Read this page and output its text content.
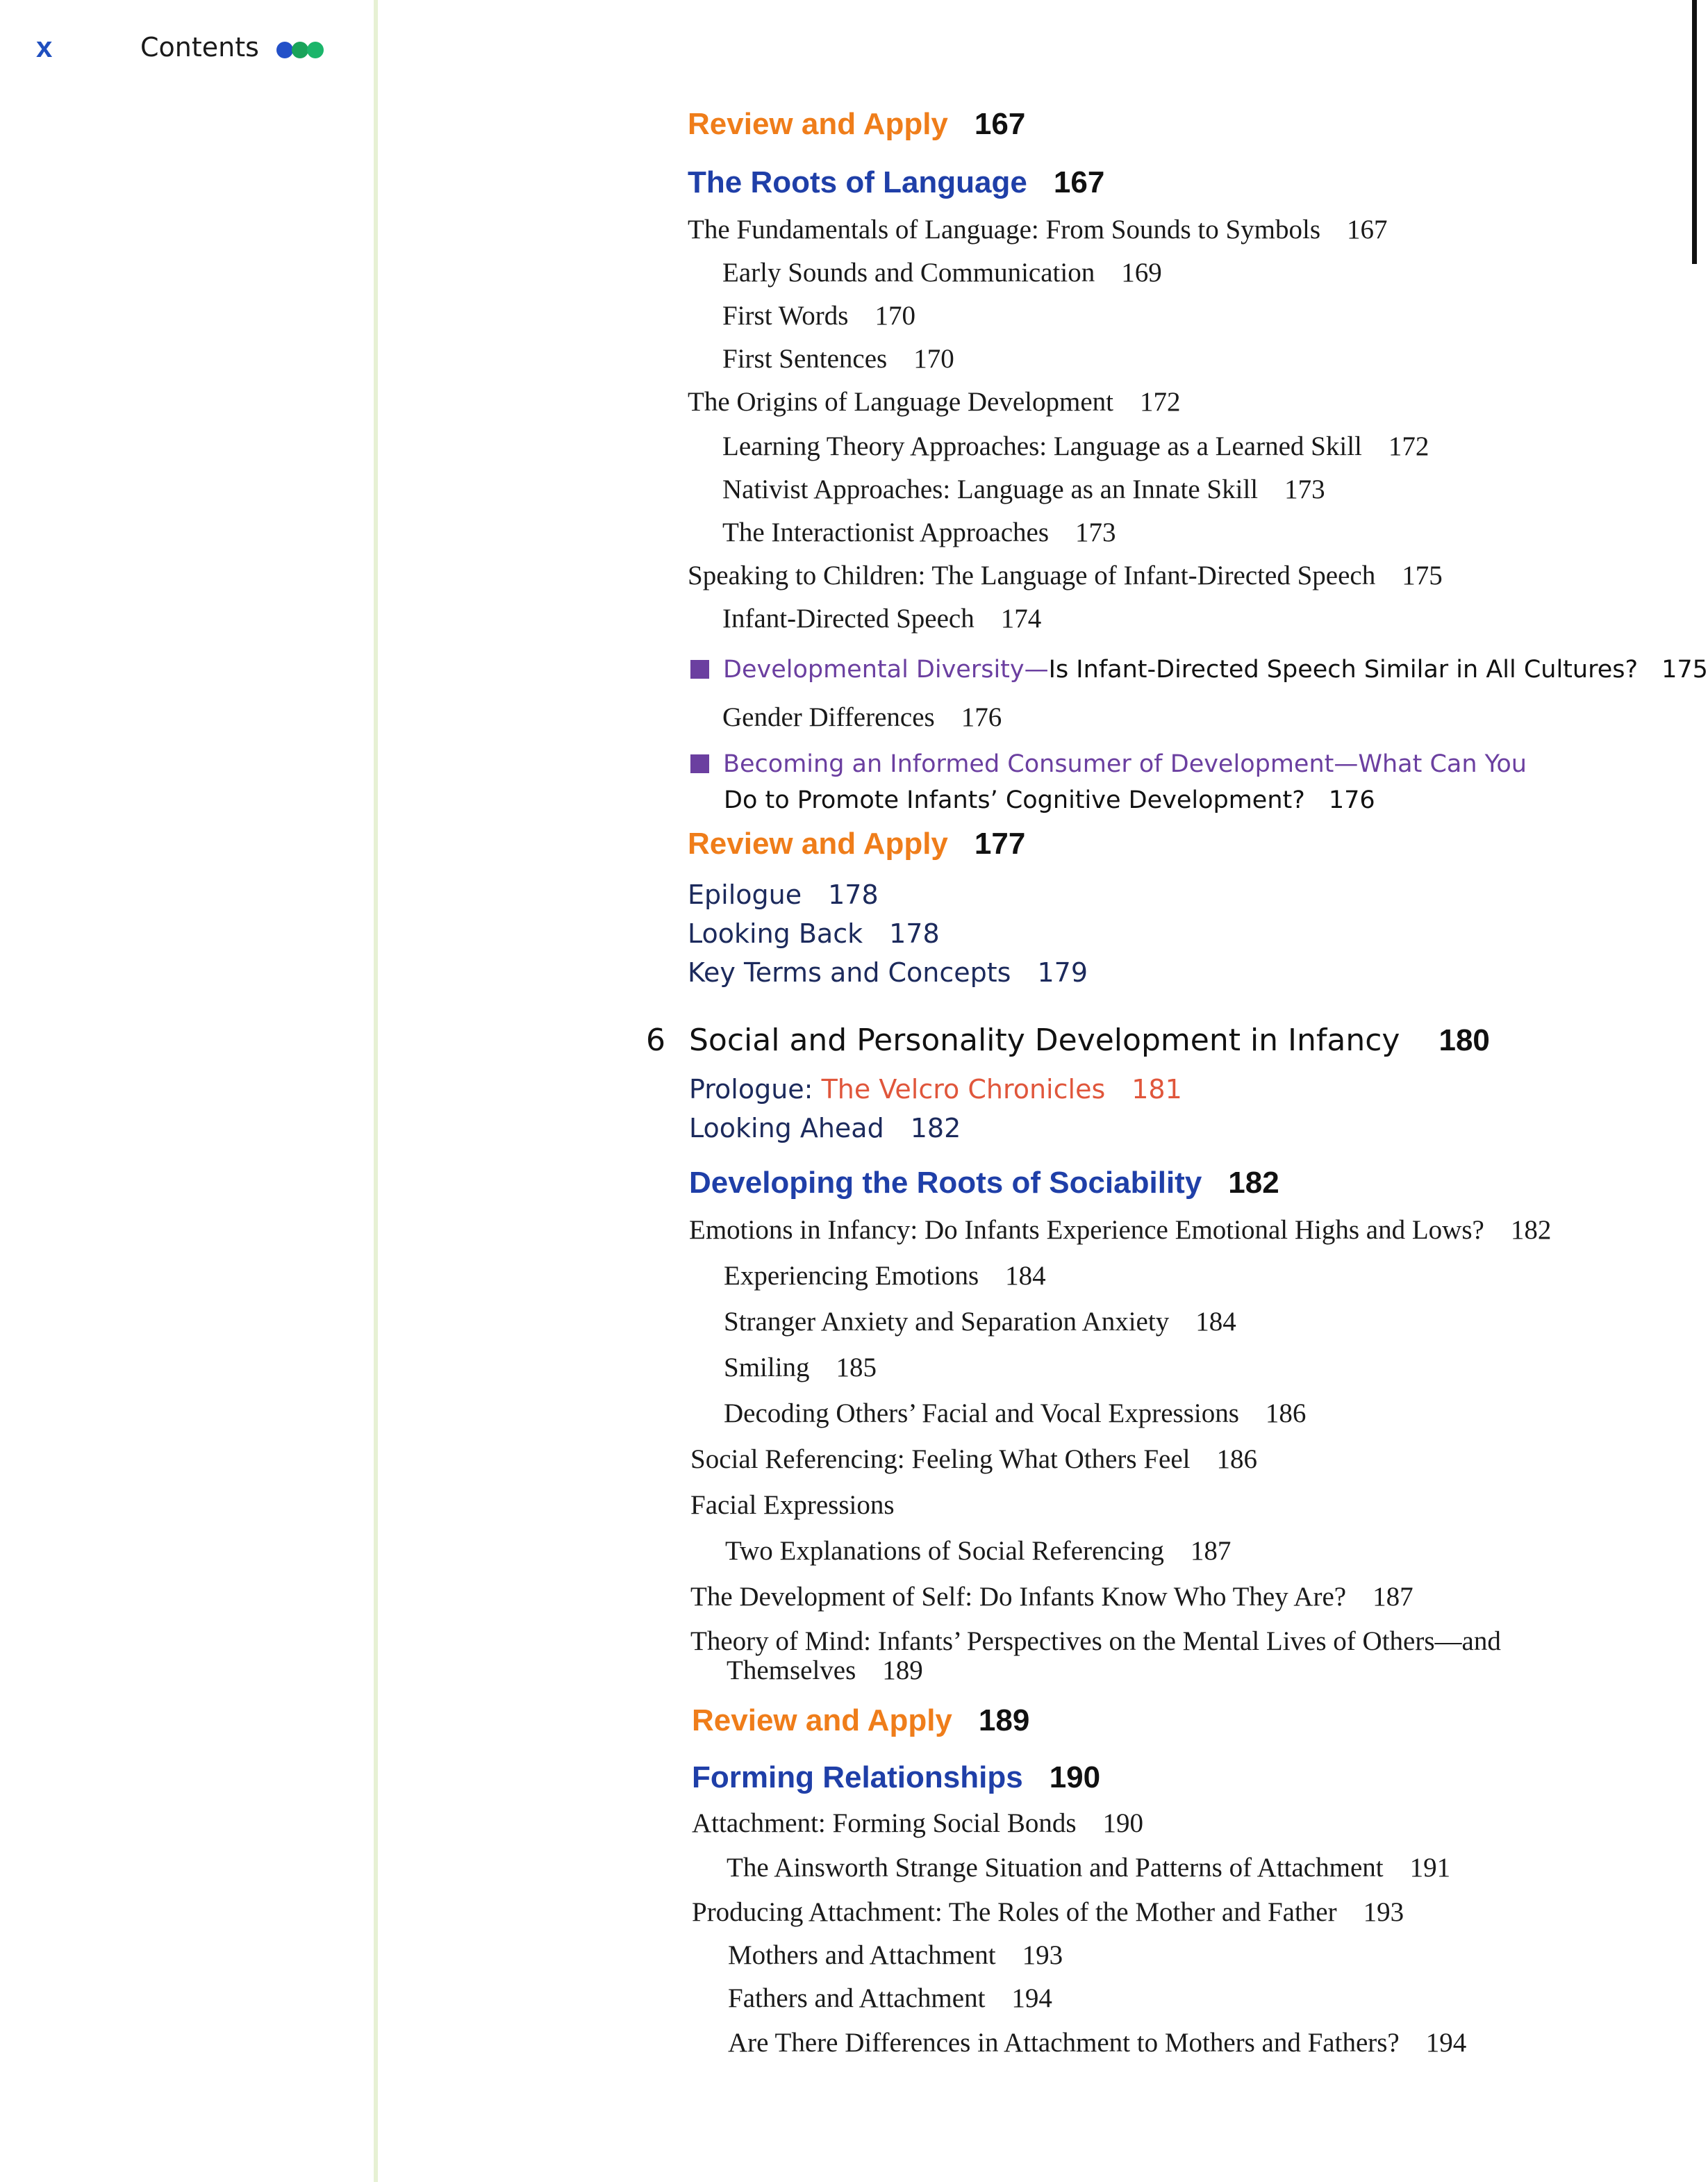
x	Contents
Review and Apply 167
The Roots of Language 167
The Fundamentals of Language: From Sounds to Symbols 167
Early Sounds and Communication 169
First Words 170
First Sentences 170
The Origins of Language Development 172
Learning Theory Approaches: Language as a Learned Skill 172
Nativist Approaches: Language as an Innate Skill 173
The Interactionist Approaches 173
Speaking to Children: The Language of Infant-Directed Speech 175
Infant-Directed Speech 174
Developmental Diversity—Is Infant-Directed Speech Similar in All Cultures? 175
Gender Differences 176
Becoming an Informed Consumer of Development—What Can You
Do to Promote Infants’ Cognitive Development? 176
Review and Apply 177
Epilogue 178
Looking Back 178
Key Terms and Concepts 179
6 Social and Personality Development in Infancy 180
Prologue: The Velcro Chronicles 181
Looking Ahead 182
Developing the Roots of Sociability 182
Emotions in Infancy: Do Infants Experience Emotional Highs and Lows? 182
Experiencing Emotions 184
Stranger Anxiety and Separation Anxiety 184
Smiling 185
Decoding Others’ Facial and Vocal Expressions 186
Social Referencing: Feeling What Others Feel 186
Facial Expressions
Two Explanations of Social Referencing 187
The Development of Self: Do Infants Know Who They Are? 187
Theory of Mind: Infants’ Perspectives on the Mental Lives of Others—and
Themselves 189
Review and Apply 189
Forming Relationships 190
Attachment: Forming Social Bonds 190
The Ainsworth Strange Situation and Patterns of Attachment 191
Producing Attachment: The Roles of the Mother and Father 193
Mothers and Attachment 193
Fathers and Attachment 194
Are There Differences in Attachment to Mothers and Fathers? 194
